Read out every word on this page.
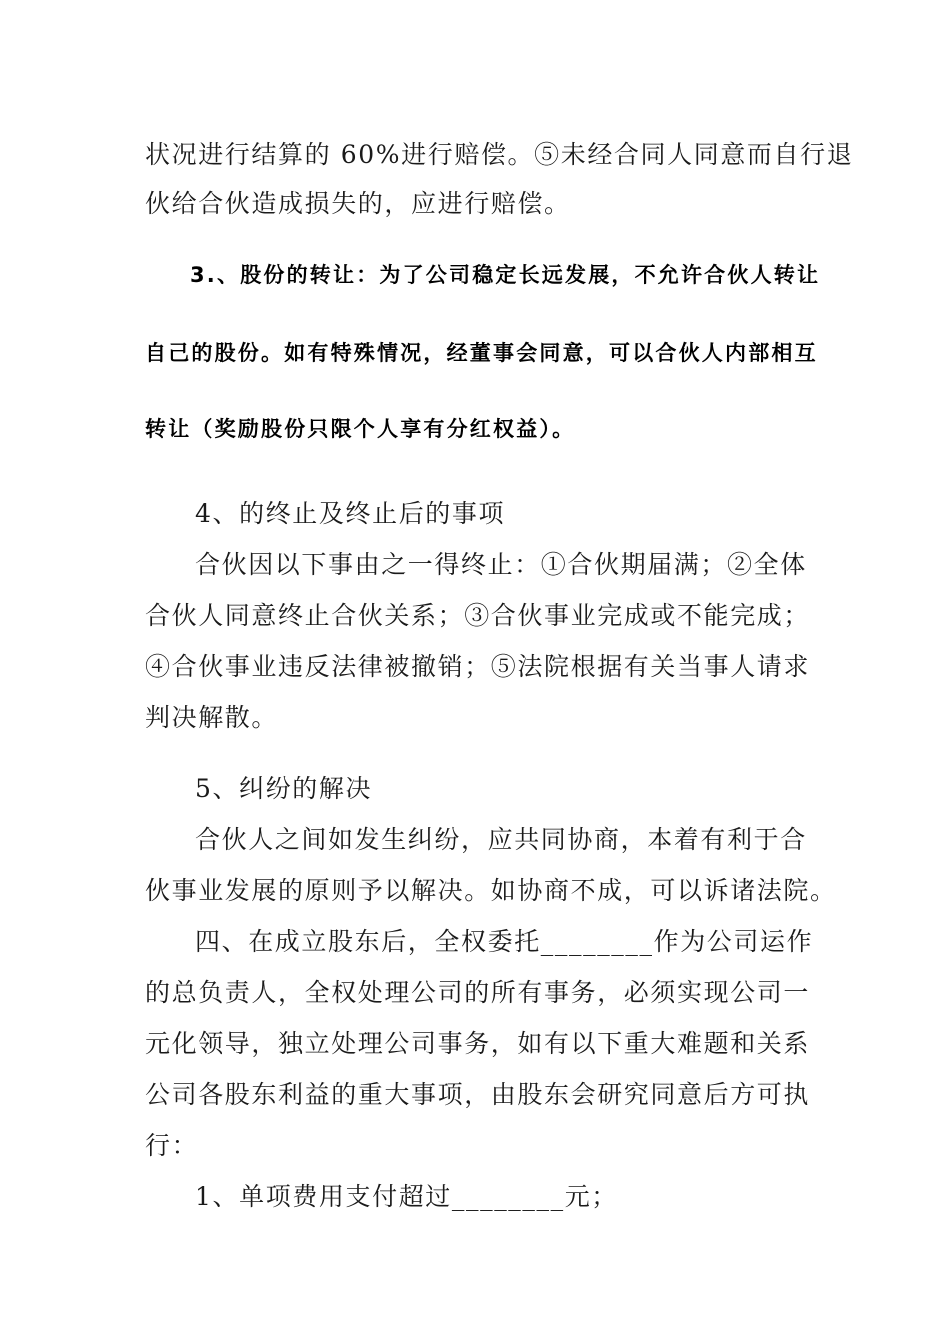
状况进行结算的 60%进行赔偿。⑤未经合同人同意而自行退
伙给合伙造成损失的，应进行赔偿。
3.、股份的转让：为了公司稳定长远发展，不允许合伙人转让
自己的股份。如有特殊情况，经董事会同意，可以合伙人内部相互
转让（奖励股份只限个人享有分红权益）。
4、的终止及终止后的事项
合伙因以下事由之一得终止：①合伙期届满；②全体
合伙人同意终止合伙关系；③合伙事业完成或不能完成；
④合伙事业违反法律被撤销；⑤法院根据有关当事人请求
判决解散。
5、纠纷的解决
合伙人之间如发生纠纷，应共同协商，本着有利于合
伙事业发展的原则予以解决。如协商不成，可以诉诸法院。
四、在成立股东后，全权委托________作为公司运作
的总负责人，全权处理公司的所有事务，必须实现公司一
元化领导，独立处理公司事务，如有以下重大难题和关系
公司各股东利益的重大事项，由股东会研究同意后方可执
行：
1、单项费用支付超过________元；
